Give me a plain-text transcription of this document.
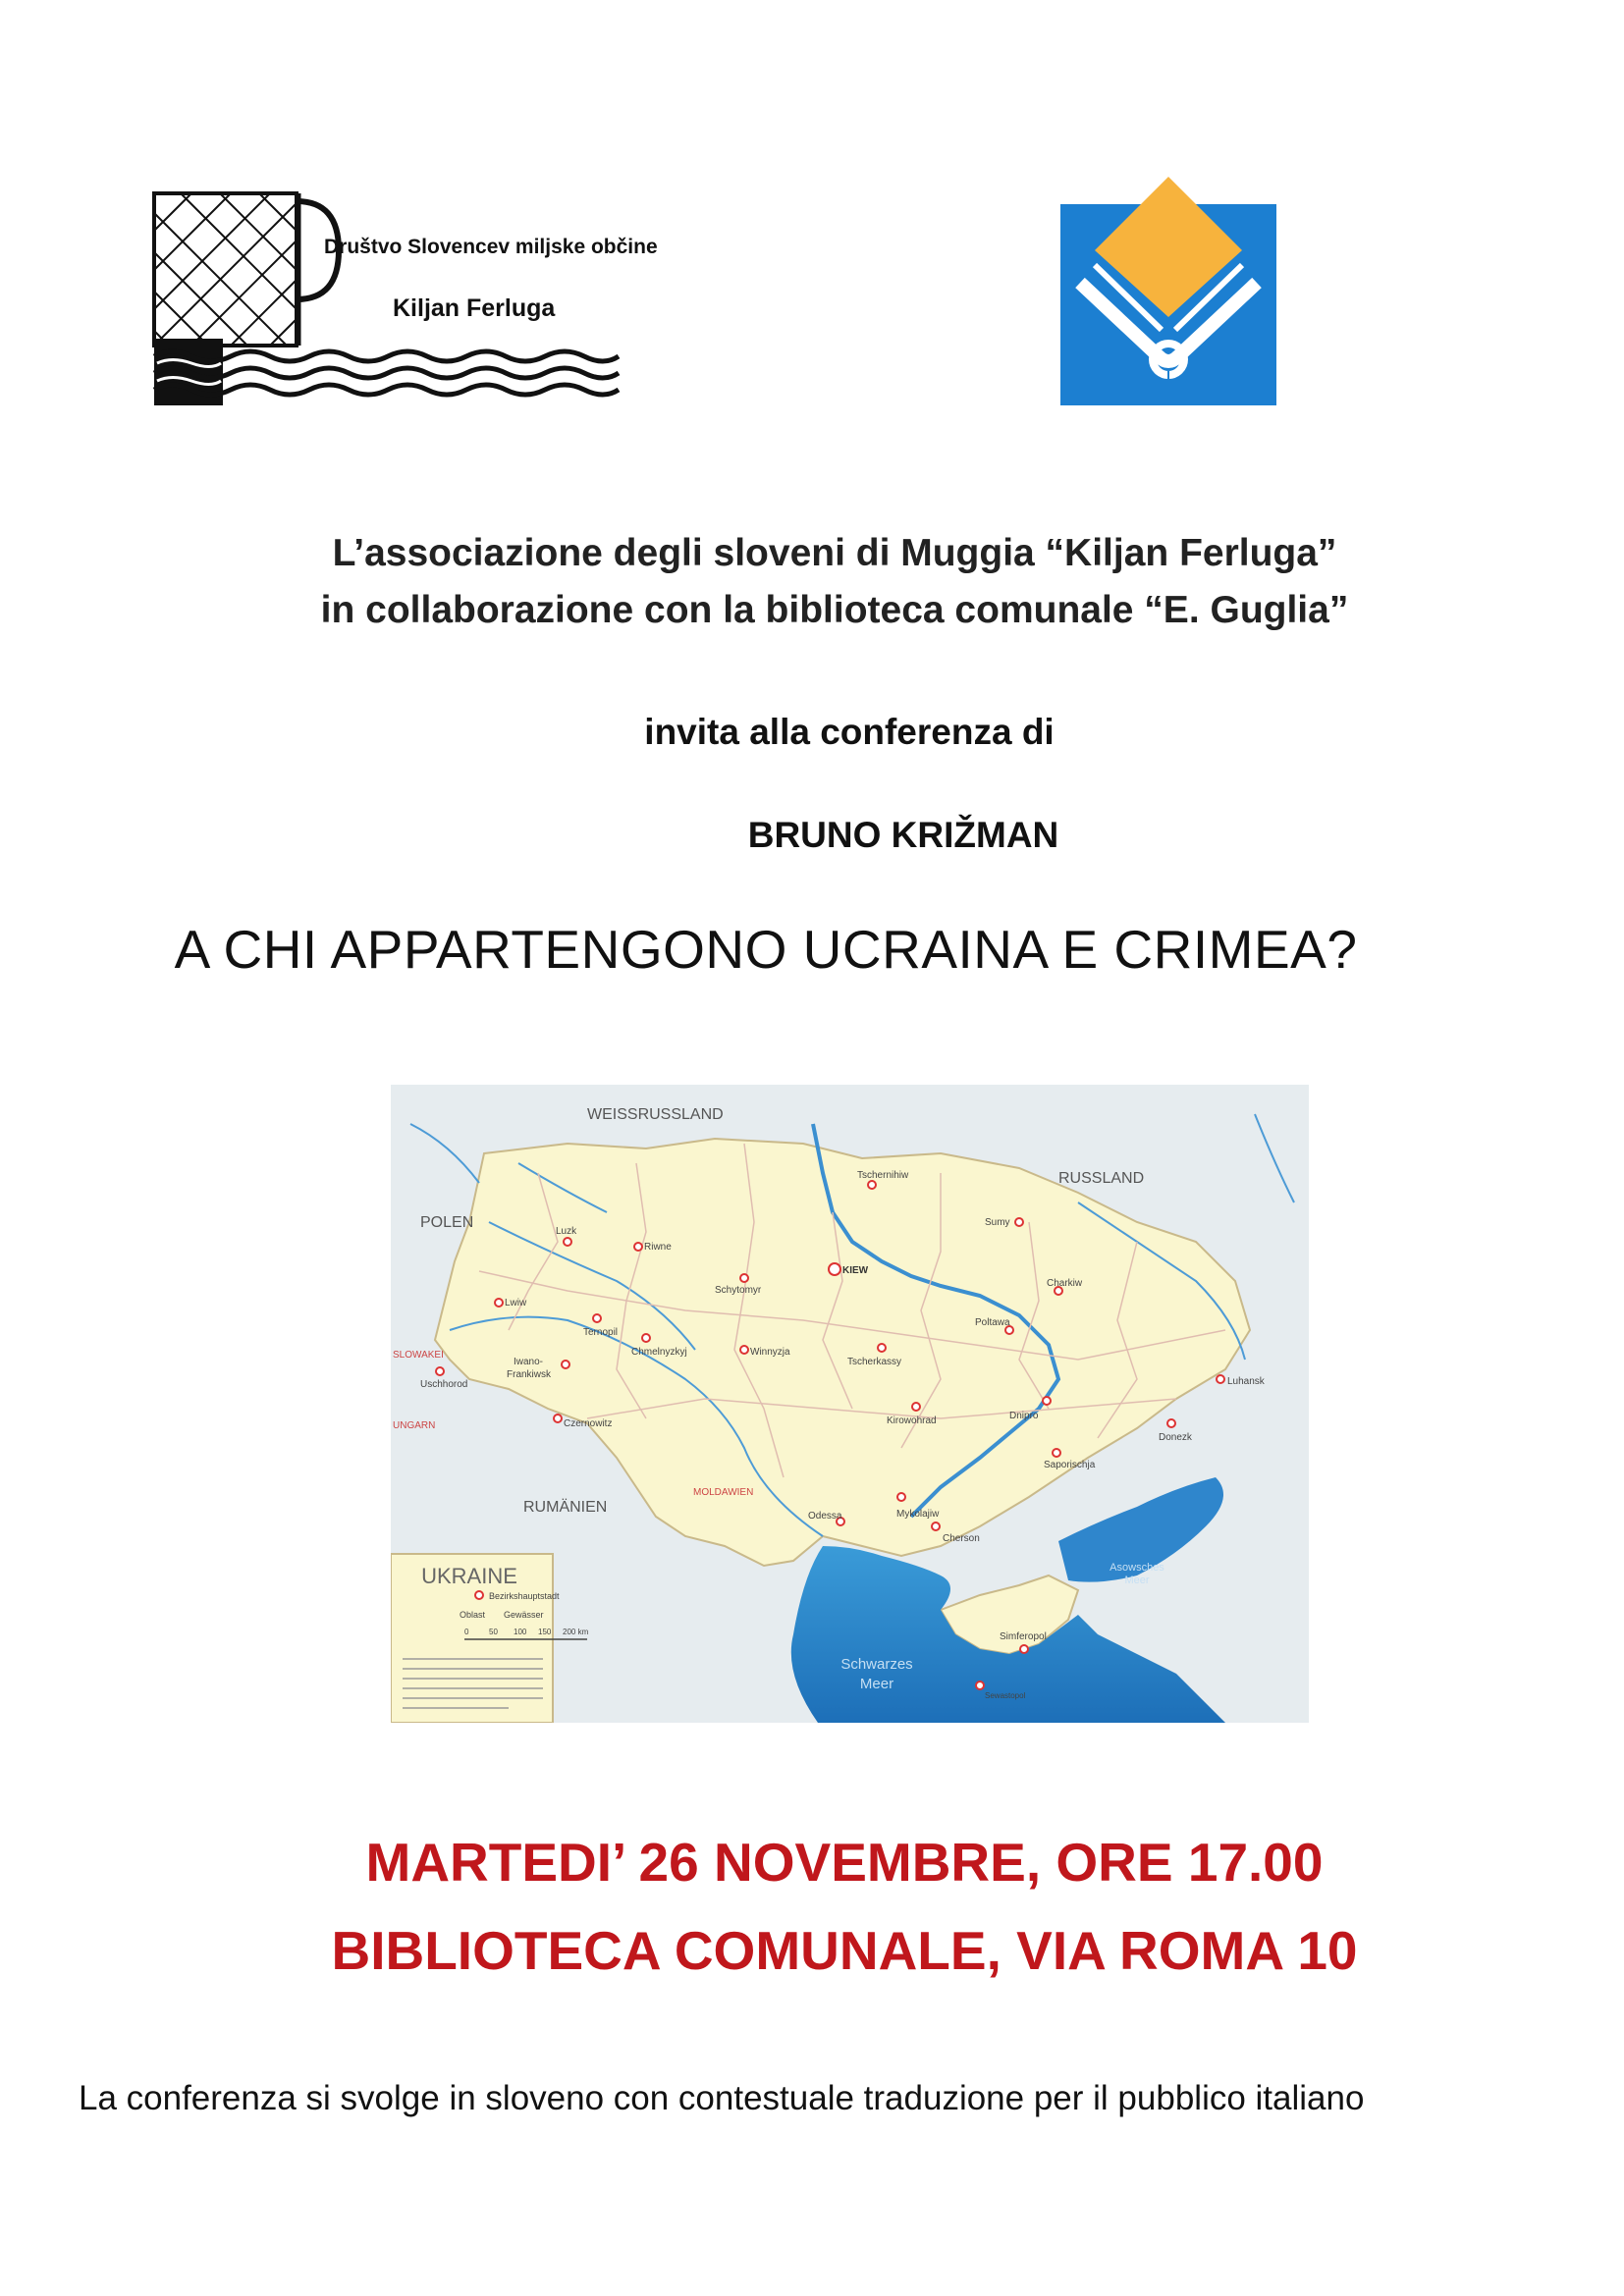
Društvo Slovencev miljske občine
Kiljan Ferluga
L’associazione degli sloveni di Muggia “Kiljan Ferluga”
in collaborazione con la biblioteca comunale “E. Guglia”
invita alla conferenza di
BRUNO KRIŽMAN
A CHI APPARTENGONO UCRAINA E CRIMEA?
UKRAINE
Bezirkshauptstadt
Oblast Gewässer
0	50 100 150 200 km
WEISSRUSSLAND
RUSSLAND
POLEN
RUMÄNIEN
SLOWAKEI
UNGARN
MOLDAWIEN
Schwarzes
Meer
Asowsches
Meer
Luzk
Riwne
Lwiw
Ternopil
Schytomyr
KIEW
Tschernihiw
Sumy
Charkiw
Poltawa
Tscherkassy
Chmelnyzkyj	Winnyzja
Iwano-
Frankiwsk
Uschhorod
Czernowitz	Kirowohrad	Dnipro
Luhansk
Donezk
Saporischja
Mykolajiw
Odessa
Cherson
Simferopol
Sewastopol
MARTEDI’ 26 NOVEMBRE, ORE 17.00
BIBLIOTECA COMUNALE, VIA ROMA 10
La conferenza si svolge in sloveno con contestuale traduzione per il pubblico italiano
